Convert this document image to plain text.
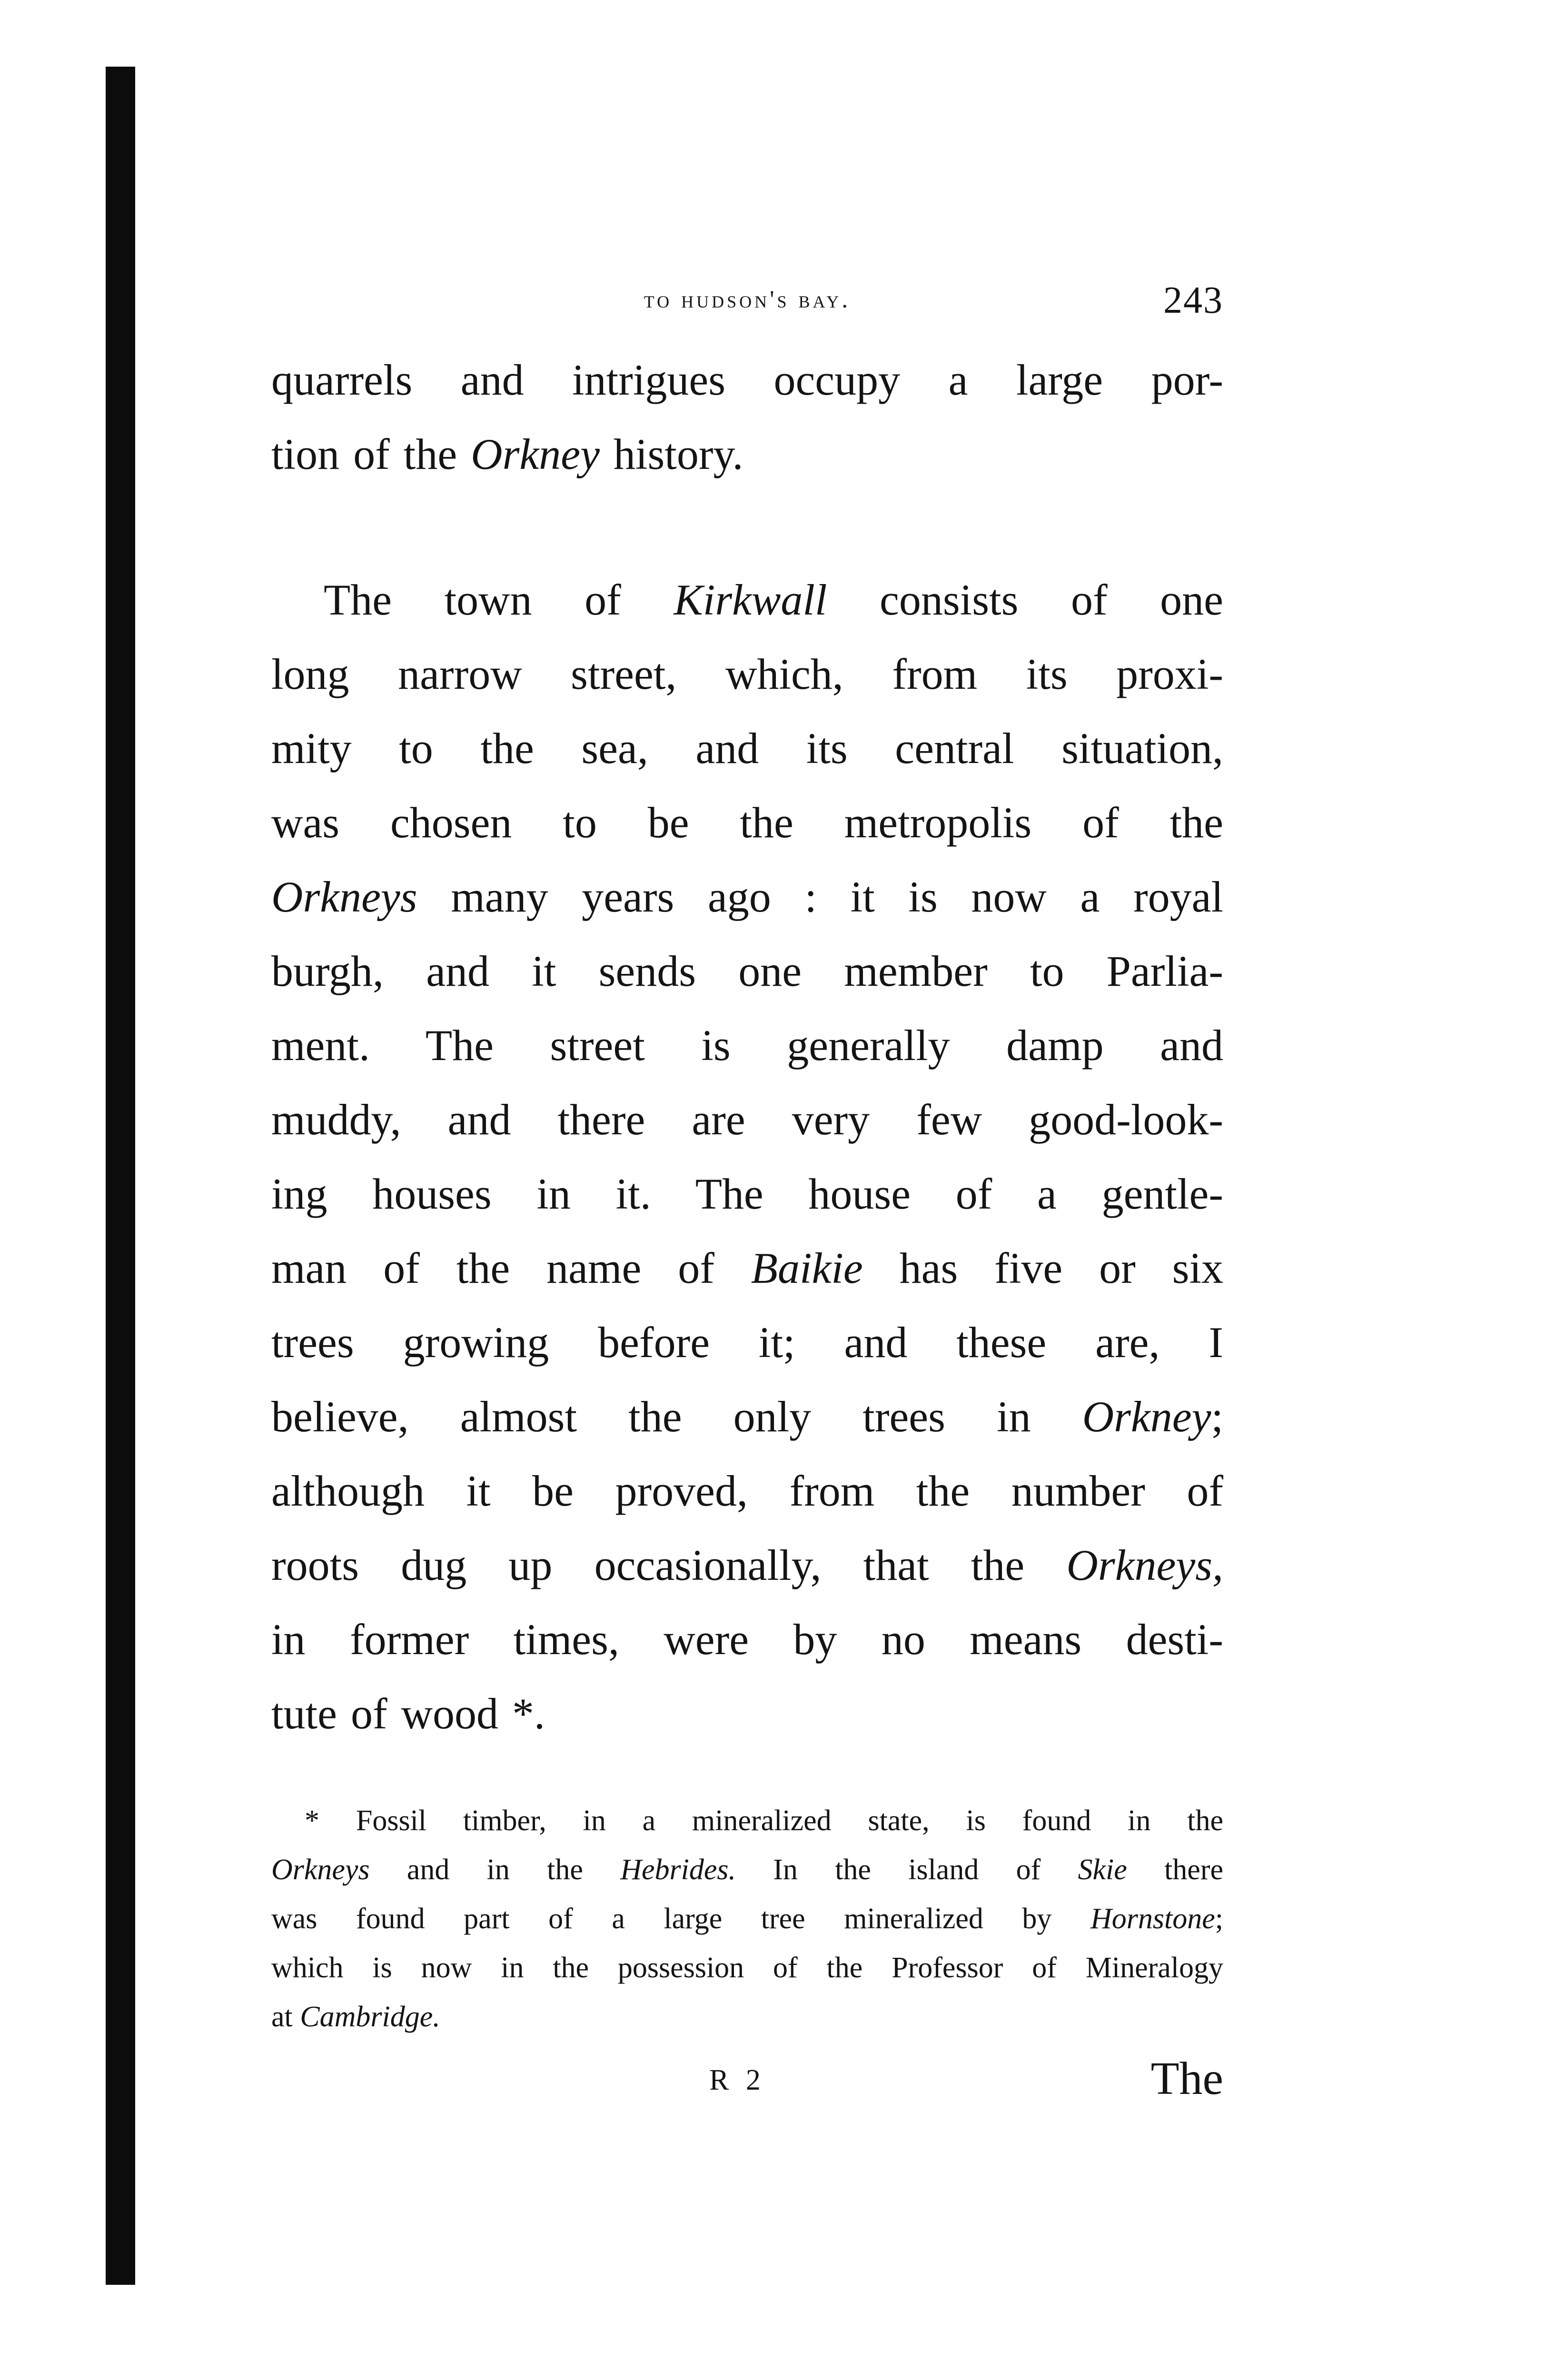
to hudson's bay.	243

quarrels and intrigues occupy a large por-
tion of the Orkney history.

The town of Kirkwall consists of one
long narrow street, which, from its proxi-
mity to the sea, and its central situation,
was chosen to be the metropolis of the
Orkneys many years ago : it is now a royal
burgh, and it sends one member to Parlia-
ment. The street is generally damp and
muddy, and there are very few good-look-
ing houses in it. The house of a gentle-
man of the name of Baikie has five or six
trees growing before it; and these are, I
believe, almost the only trees in Orkney;
although it be proved, from the number of
roots dug up occasionally, that the Orkneys,
in former times, were by no means desti-
tute of wood *.

* Fossil timber, in a mineralized state, is found in the
Orkneys and in the Hebrides. In the island of Skie there
was found part of a large tree mineralized by Hornstone;
which is now in the possession of the Professor of Mineralogy
at Cambridge.
R 2	The
